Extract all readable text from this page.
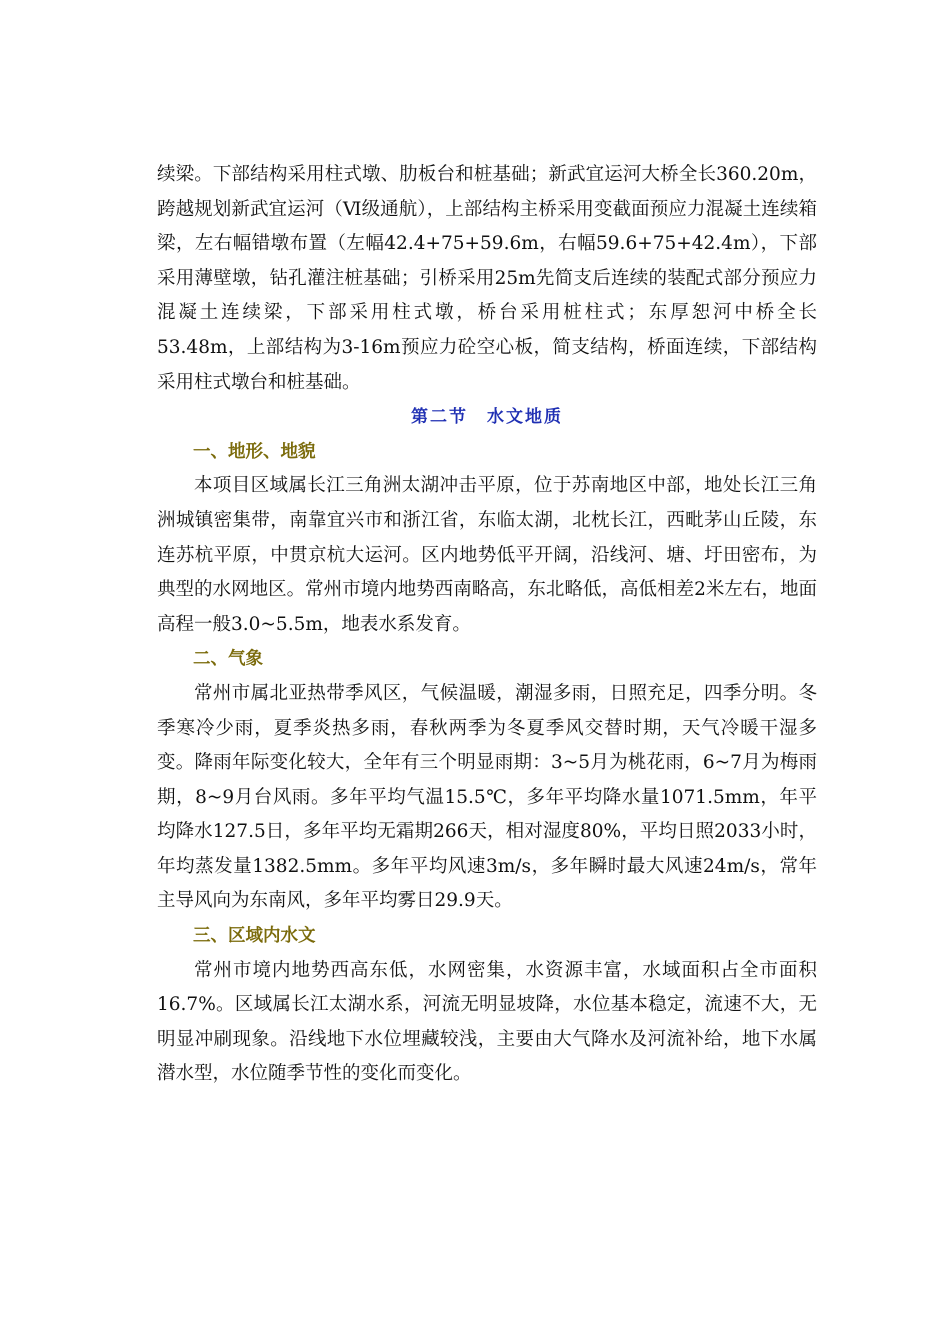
续梁。下部结构采用柱式墩、肋板台和桩基础；新武宜运河大桥全长360.20m，跨越规划新武宜运河（Ⅵ级通航），上部结构主桥采用变截面预应力混凝土连续箱梁，左右幅错墩布置（左幅42.4+75+59.6m，右幅59.6+75+42.4m），下部采用薄壁墩，钻孔灌注桩基础；引桥采用25m先简支后连续的装配式部分预应力混凝土连续梁，下部采用柱式墩，桥台采用桩柱式；东厚恕河中桥全长53.48m，上部结构为3-16m预应力砼空心板，简支结构，桥面连续，下部结构采用柱式墩台和桩基础。

第二节　水文地质

一、地形、地貌

本项目区域属长江三角洲太湖冲击平原，位于苏南地区中部，地处长江三角洲城镇密集带，南靠宜兴市和浙江省，东临太湖，北枕长江，西毗茅山丘陵，东连苏杭平原，中贯京杭大运河。区内地势低平开阔，沿线河、塘、圩田密布，为典型的水网地区。常州市境内地势西南略高，东北略低，高低相差2米左右，地面高程一般3.0~5.5m，地表水系发育。

二、气象

常州市属北亚热带季风区，气候温暖，潮湿多雨，日照充足，四季分明。冬季寒冷少雨，夏季炎热多雨，春秋两季为冬夏季风交替时期，天气冷暖干湿多变。降雨年际变化较大，全年有三个明显雨期：3~5月为桃花雨，6~7月为梅雨期，8~9月台风雨。多年平均气温15.5℃，多年平均降水量1071.5mm，年平均降水127.5日，多年平均无霜期266天，相对湿度80%，平均日照2033小时，年均蒸发量1382.5mm。多年平均风速3m/s，多年瞬时最大风速24m/s，常年主导风向为东南风，多年平均雾日29.9天。

三、区域内水文

常州市境内地势西高东低，水网密集，水资源丰富，水域面积占全市面积16.7%。区域属长江太湖水系，河流无明显坡降，水位基本稳定，流速不大，无明显冲刷现象。沿线地下水位埋藏较浅，主要由大气降水及河流补给，地下水属潜水型，水位随季节性的变化而变化。
